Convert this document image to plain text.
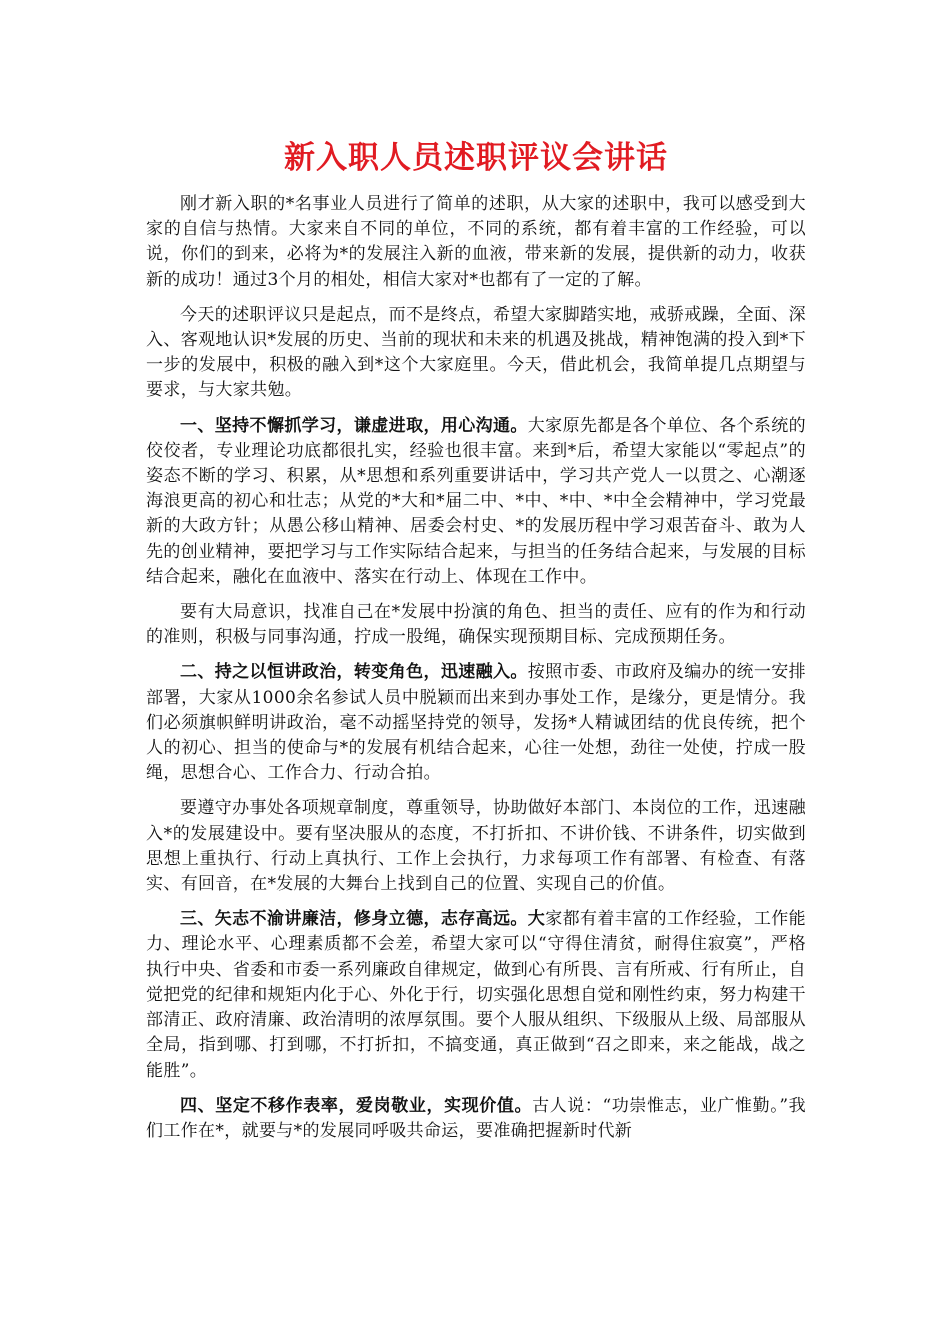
新入职人员述职评议会讲话

刚才新入职的*名事业人员进行了简单的述职，从大家的述职中，我可以感受到大家的自信与热情。大家来自不同的单位，不同的系统，都有着丰富的工作经验，可以说，你们的到来，必将为*的发展注入新的血液，带来新的发展，提供新的动力，收获新的成功！通过3个月的相处，相信大家对*也都有了一定的了解。

今天的述职评议只是起点，而不是终点，希望大家脚踏实地，戒骄戒躁，全面、深入、客观地认识*发展的历史、当前的现状和未来的机遇及挑战，精神饱满的投入到*下一步的发展中，积极的融入到*这个大家庭里。今天，借此机会，我简单提几点期望与要求，与大家共勉。

一、坚持不懈抓学习，谦虚进取，用心沟通。大家原先都是各个单位、各个系统的佼佼者，专业理论功底都很扎实，经验也很丰富。来到*后，希望大家能以“零起点”的姿态不断的学习、积累，从*思想和系列重要讲话中，学习共产党人一以贯之、心潮逐海浪更高的初心和壮志；从党的*大和*届二中、*中、*中、*中全会精神中，学习党最新的大政方针；从愚公移山精神、居委会村史、*的发展历程中学习艰苦奋斗、敢为人先的创业精神，要把学习与工作实际结合起来，与担当的任务结合起来，与发展的目标结合起来，融化在血液中、落实在行动上、体现在工作中。

要有大局意识，找准自己在*发展中扮演的角色、担当的责任、应有的作为和行动的准则，积极与同事沟通，拧成一股绳，确保实现预期目标、完成预期任务。

二、持之以恒讲政治，转变角色，迅速融入。按照市委、市政府及编办的统一安排部署，大家从1000余名参试人员中脱颖而出来到办事处工作，是缘分，更是情分。我们必须旗帜鲜明讲政治，毫不动摇坚持党的领导，发扬*人精诚团结的优良传统，把个人的初心、担当的使命与*的发展有机结合起来，心往一处想，劲往一处使，拧成一股绳，思想合心、工作合力、行动合拍。

要遵守办事处各项规章制度，尊重领导，协助做好本部门、本岗位的工作，迅速融入*的发展建设中。要有坚决服从的态度，不打折扣、不讲价钱、不讲条件，切实做到思想上重执行、行动上真执行、工作上会执行，力求每项工作有部署、有检查、有落实、有回音，在*发展的大舞台上找到自己的位置、实现自己的价值。

三、矢志不渝讲廉洁，修身立德，志存高远。大家都有着丰富的工作经验，工作能力、理论水平、心理素质都不会差，希望大家可以“守得住清贫，耐得住寂寞”，严格执行中央、省委和市委一系列廉政自律规定，做到心有所畏、言有所戒、行有所止，自觉把党的纪律和规矩内化于心、外化于行，切实强化思想自觉和刚性约束，努力构建干部清正、政府清廉、政治清明的浓厚氛围。要个人服从组织、下级服从上级、局部服从全局，指到哪、打到哪，不打折扣，不搞变通，真正做到“召之即来，来之能战，战之能胜”。

四、坚定不移作表率，爱岗敬业，实现价值。古人说：“功崇惟志，业广惟勤。”我们工作在*，就要与*的发展同呼吸共命运，要准确把握新时代新
